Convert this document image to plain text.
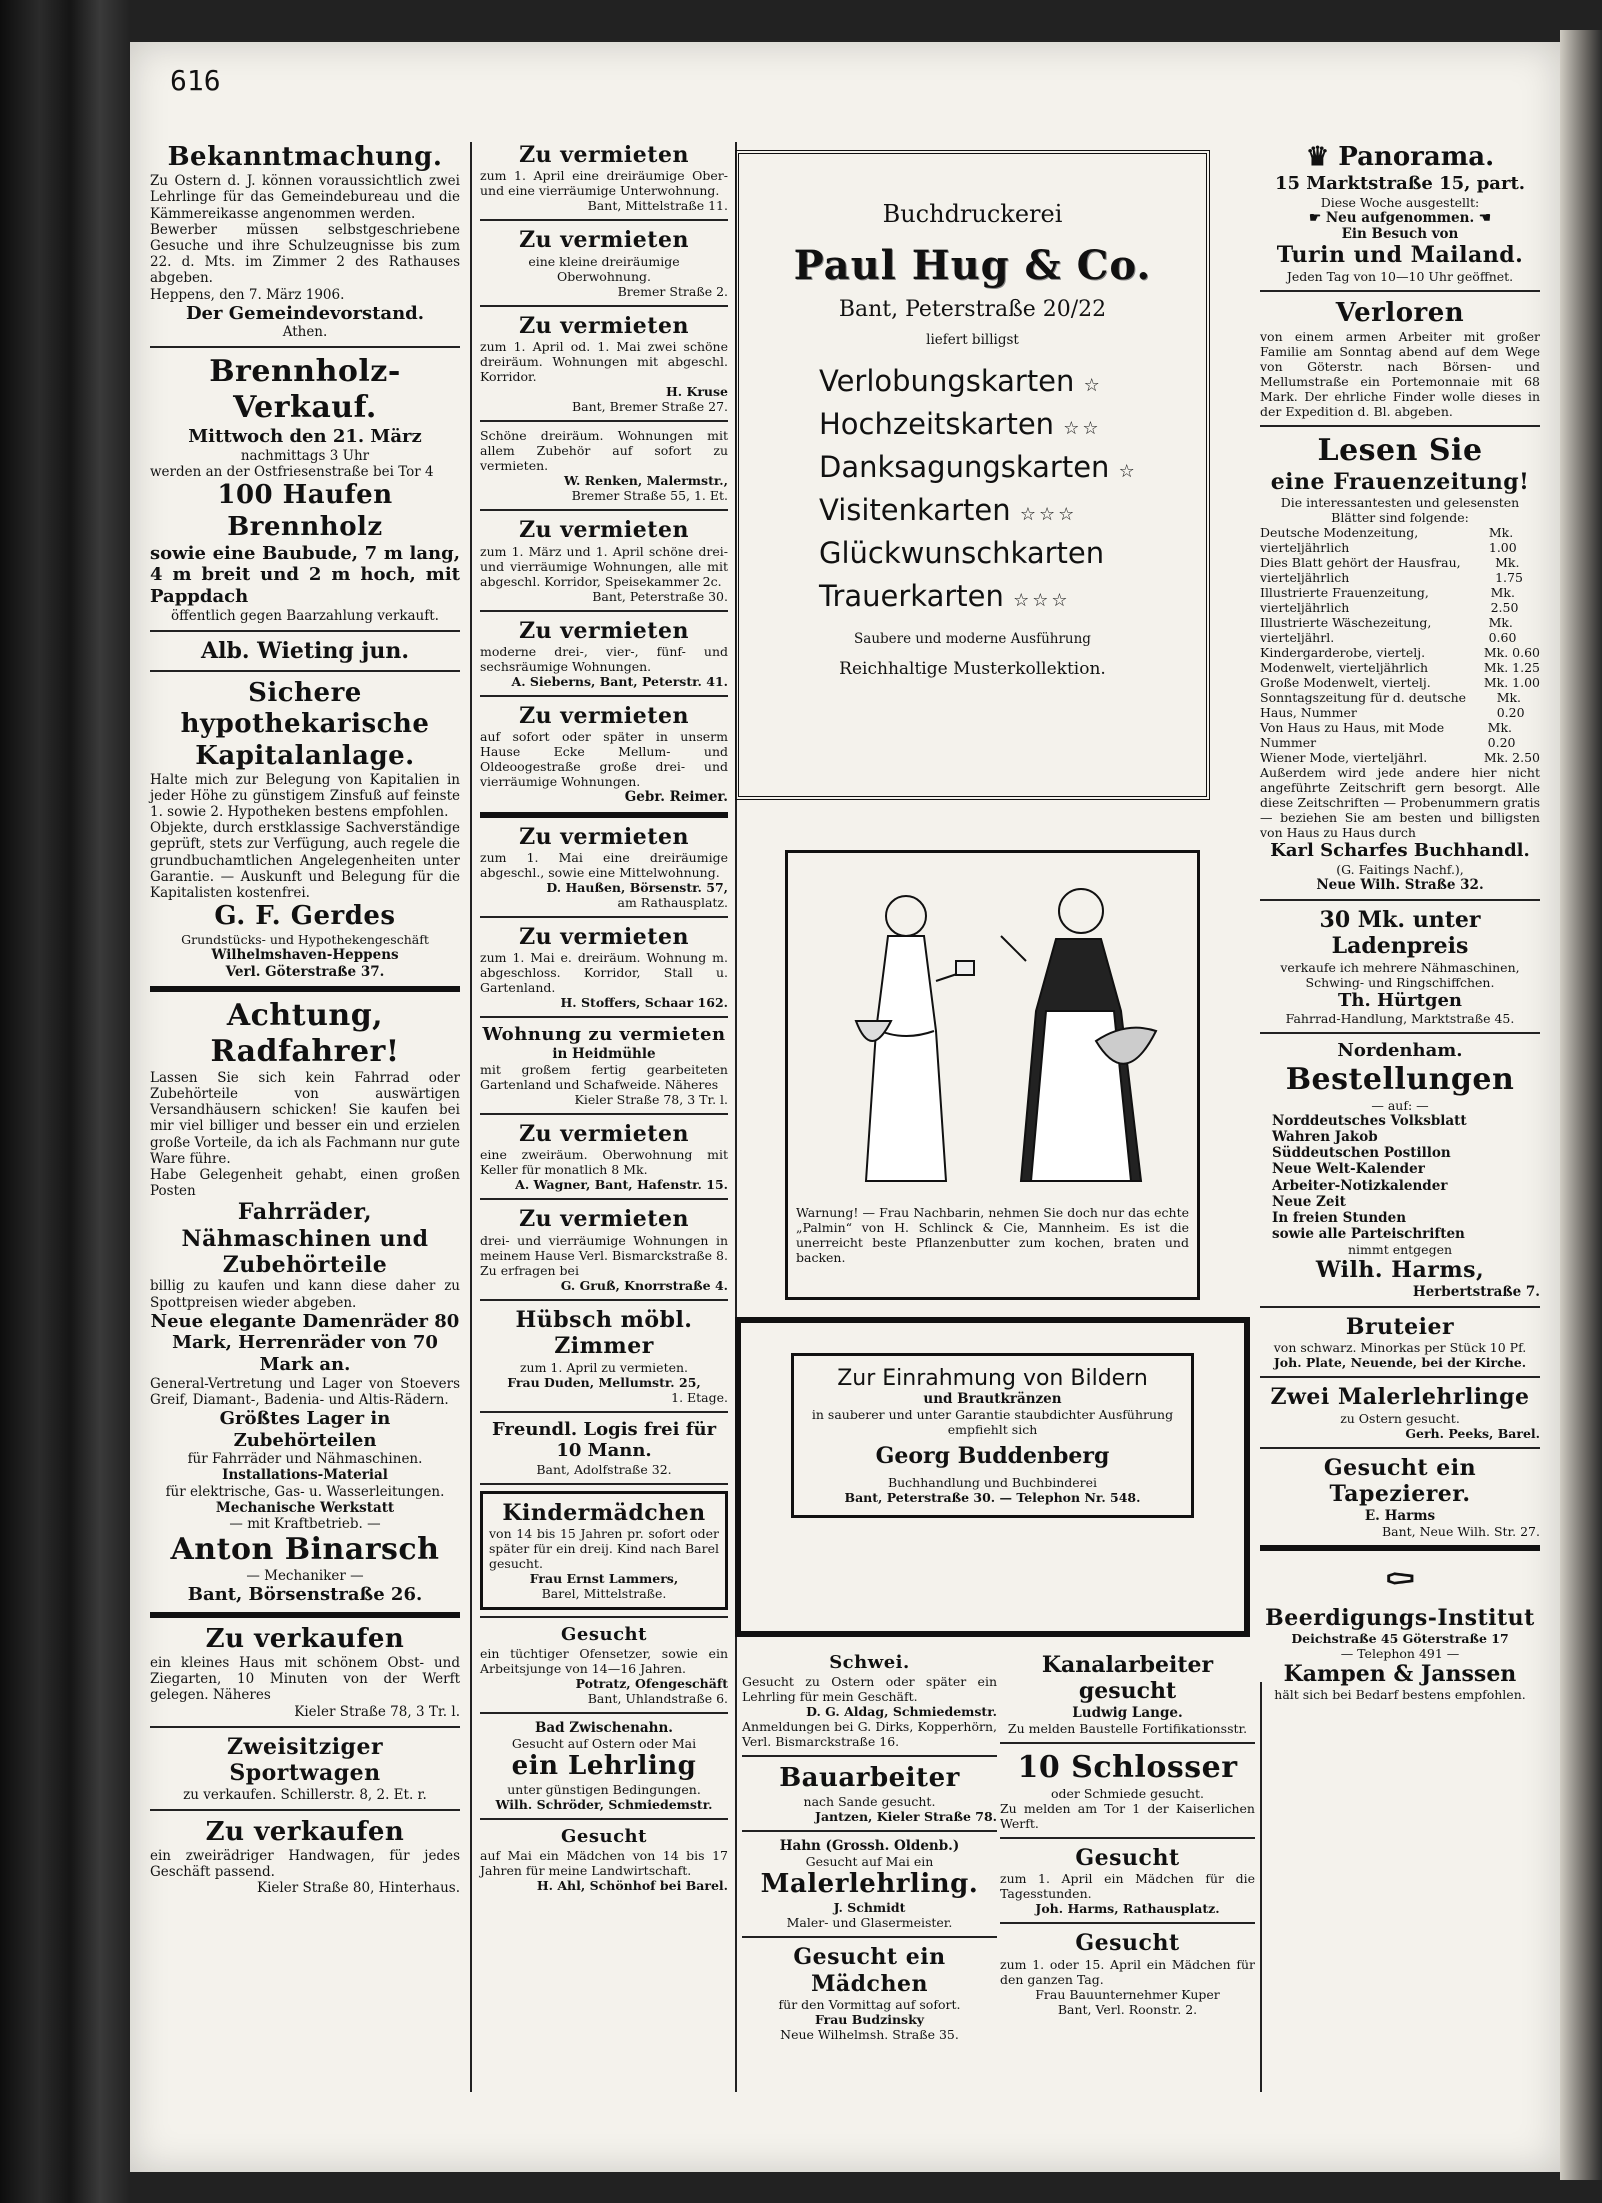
616
Bekanntmachung.
Zu Ostern d. J. können voraussichtlich zwei Lehrlinge für das Gemeindebureau und die Kämmereikasse angenommen werden.
Bewerber müssen selbstgeschriebene Gesuche und ihre Schulzeugnisse bis zum 22. d. Mts. im Zimmer 2 des Rathauses abgeben.
Heppens, den 7. März 1906.
Der Gemeindevorstand.
Athen.
Brennholz-Verkauf.
Mittwoch den 21. März
nachmittags 3 Uhr
werden an der Ostfriesenstraße bei Tor 4
100 Haufen Brennholz
sowie eine Baubude, 7 m lang, 4 m breit und 2 m hoch, mit Pappdach
öffentlich gegen Baarzahlung verkauft.
Alb. Wieting jun.
Sichere hypothekarische Kapitalanlage.
Halte mich zur Belegung von Kapitalien in jeder Höhe zu günstigem Zinsfuß auf feinste 1. sowie 2. Hypotheken bestens empfohlen.
Objekte, durch erstklassige Sachverständige geprüft, stets zur Verfügung, auch regele die grundbuchamtlichen Angelegenheiten unter Garantie. — Auskunft und Belegung für die Kapitalisten kostenfrei.
G. F. Gerdes
Grundstücks- und Hypothekengeschäft
Wilhelmshaven-Heppens
Verl. Göterstraße 37.
Achtung, Radfahrer!
Lassen Sie sich kein Fahrrad oder Zubehörteile von auswärtigen Versandhäusern schicken! Sie kaufen bei mir viel billiger und besser ein und erzielen große Vorteile, da ich als Fachmann nur gute Ware führe.
Habe Gelegenheit gehabt, einen großen Posten
Fahrräder, Nähmaschinen und Zubehörteile
billig zu kaufen und kann diese daher zu Spottpreisen wieder abgeben.
Neue elegante Damenräder 80 Mark, Herrenräder von 70 Mark an.
General-Vertretung und Lager von Stoevers Greif, Diamant-, Badenia- und Altis-Rädern.
Größtes Lager in Zubehörteilen
für Fahrräder und Nähmaschinen.
Installations-Material
für elektrische, Gas- u. Wasserleitungen.
Mechanische Werkstatt
— mit Kraftbetrieb. —
Anton Binarsch
— Mechaniker —
Bant, Börsenstraße 26.
Zu verkaufen
ein kleines Haus mit schönem Obst- und Ziegarten, 10 Minuten von der Werft gelegen. Näheres
Kieler Straße 78, 3 Tr. l.
Zweisitziger Sportwagen
zu verkaufen. Schillerstr. 8, 2. Et. r.
Zu verkaufen
ein zweirädriger Handwagen, für jedes Geschäft passend.
Kieler Straße 80, Hinterhaus.
Zu vermieten
zum 1. April eine dreiräumige Ober- und eine vierräumige Unterwohnung.
Bant, Mittelstraße 11.
Zu vermieten
eine kleine dreiräumige Oberwohnung.
Bremer Straße 2.
Zu vermieten
zum 1. April od. 1. Mai zwei schöne dreiräum. Wohnungen mit abgeschl. Korridor.
H. Kruse
Bant, Bremer Straße 27.
Schöne dreiräum. Wohnungen mit allem Zubehör auf sofort zu vermieten.
W. Renken, Malermstr.,
Bremer Straße 55, 1. Et.
Zu vermieten
zum 1. März und 1. April schöne drei- und vierräumige Wohnungen, alle mit abgeschl. Korridor, Speisekammer 2c.
Bant, Peterstraße 30.
Zu vermieten
moderne drei-, vier-, fünf- und sechsräumige Wohnungen.
A. Sieberns, Bant, Peterstr. 41.
Zu vermieten
auf sofort oder später in unserm Hause Ecke Mellum- und Oldeoogestraße große drei- und vierräumige Wohnungen.
Gebr. Reimer.
Zu vermieten
zum 1. Mai eine dreiräumige abgeschl., sowie eine Mittelwohnung.
D. Haußen, Börsenstr. 57,
am Rathausplatz.
Zu vermieten
zum 1. Mai e. dreiräum. Wohnung m. abgeschloss. Korridor, Stall u. Gartenland.
H. Stoffers, Schaar 162.
Wohnung zu vermieten
in Heidmühle
mit großem fertig gearbeiteten Gartenland und Schafweide. Näheres
Kieler Straße 78, 3 Tr. l.
Zu vermieten
eine zweiräum. Oberwohnung mit Keller für monatlich 8 Mk.
A. Wagner, Bant, Hafenstr. 15.
Zu vermieten
drei- und vierräumige Wohnungen in meinem Hause Verl. Bismarckstraße 8. Zu erfragen bei
G. Gruß, Knorrstraße 4.
Hübsch möbl. Zimmer
zum 1. April zu vermieten.
Frau Duden, Mellumstr. 25,
1. Etage.
Freundl. Logis frei für 10 Mann.
Bant, Adolfstraße 32.
Kindermädchen
von 14 bis 15 Jahren pr. sofort oder später für ein dreij. Kind nach Barel gesucht.
Frau Ernst Lammers,
Barel, Mittelstraße.
Gesucht
ein tüchtiger Ofensetzer, sowie ein Arbeitsjunge von 14—16 Jahren.
Potratz, Ofengeschäft
Bant, Uhlandstraße 6.
Bad Zwischenahn.
Gesucht auf Ostern oder Mai
ein Lehrling
unter günstigen Bedingungen.
Wilh. Schröder, Schmiedemstr.
Gesucht
auf Mai ein Mädchen von 14 bis 17 Jahren für meine Landwirtschaft.
H. Ahl, Schönhof bei Barel.
Buchdruckerei
Paul Hug & Co.
Bant, Peterstraße 20/22
liefert billigst
Verlobungskarten ☆
Hochzeitskarten ☆☆
Danksagungskarten ☆
Visitenkarten ☆☆☆
Glückwunschkarten
Trauerkarten ☆☆☆
Saubere und moderne Ausführung
Reichhaltige Musterkollektion.
Warnung! — Frau Nachbarin, nehmen Sie doch nur das echte „Palmin“ von H. Schlinck & Cie, Mannheim. Es ist die unerreicht beste Pflanzenbutter zum kochen, braten und backen.
Zur Einrahmung von Bildern
und Brautkränzen
in sauberer und unter Garantie staubdichter Ausführung empfiehlt sich
Georg Buddenberg
Buchhandlung und Buchbinderei
Bant, Peterstraße 30. — Telephon Nr. 548.
Schwei.
Gesucht zu Ostern oder später ein Lehrling für mein Geschäft.
D. G. Aldag, Schmiedemstr.
Anmeldungen bei G. Dirks, Kopperhörn, Verl. Bismarckstraße 16.
Bauarbeiter
nach Sande gesucht.
Jantzen, Kieler Straße 78.
Hahn (Grossh. Oldenb.)
Gesucht auf Mai ein
Malerlehrling.
J. Schmidt
Maler- und Glasermeister.
Gesucht ein Mädchen
für den Vormittag auf sofort.
Frau Budzinsky
Neue Wilhelmsh. Straße 35.
Kanalarbeiter gesucht
Ludwig Lange.
Zu melden Baustelle Fortifikationsstr.
10 Schlosser
oder Schmiede gesucht.
Zu melden am Tor 1 der Kaiserlichen Werft.
Gesucht
zum 1. April ein Mädchen für die Tagesstunden.
Joh. Harms, Rathausplatz.
Gesucht
zum 1. oder 15. April ein Mädchen für den ganzen Tag.
Frau Bauunternehmer Kuper
Bant, Verl. Roonstr. 2.
♛ Panorama.
15 Marktstraße 15, part.
Diese Woche ausgestellt:
☛ Neu aufgenommen. ☚
Ein Besuch von
Turin und Mailand.
Jeden Tag von 10—10 Uhr geöffnet.
Verloren
von einem armen Arbeiter mit großer Familie am Sonntag abend auf dem Wege von Göterstr. nach Börsen- und Mellumstraße ein Portemonnaie mit 68 Mark. Der ehrliche Finder wolle dieses in der Expedition d. Bl. abgeben.
Lesen Sie
eine Frauenzeitung!
Die interessantesten und gelesensten Blätter sind folgende:
Deutsche Modenzeitung, vierteljährlich
Mk. 1.00
Dies Blatt gehört der Hausfrau, vierteljährlich
Mk. 1.75
Illustrierte Frauenzeitung, vierteljährlich
Mk. 2.50
Illustrierte Wäschezeitung, vierteljährl.
Mk. 0.60
Kindergarderobe, viertelj.	Mk. 0.60
Modenwelt, vierteljährlich	Mk. 1.25
Große Modenwelt, viertelj.	Mk. 1.00
Sonntagszeitung für d. deutsche Haus, Nummer
Mk. 0.20
Von Haus zu Haus, mit Mode Nummer
Mk. 0.20
Wiener Mode, vierteljährl.	Mk. 2.50
Außerdem wird jede andere hier nicht angeführte Zeitschrift gern besorgt. Alle diese Zeitschriften — Probenummern gratis — beziehen Sie am besten und billigsten von Haus zu Haus durch
Karl Scharfes Buchhandl.
(G. Faitings Nachf.),
Neue Wilh. Straße 32.
30 Mk. unter Ladenpreis
verkaufe ich mehrere Nähmaschinen, Schwing- und Ringschiffchen.
Th. Hürtgen
Fahrrad-Handlung, Marktstraße 45.
Nordenham.
Bestellungen
— auf: —
Norddeutsches Volksblatt
Wahren Jakob
Süddeutschen Postillon
Neue Welt-Kalender
Arbeiter-Notizkalender
Neue Zeit
In freien Stunden
sowie alle Parteischriften
nimmt entgegen
Wilh. Harms,
Herbertstraße 7.
Bruteier
von schwarz. Minorkas per Stück 10 Pf.
Joh. Plate, Neuende, bei der Kirche.
Zwei Malerlehrlinge
zu Ostern gesucht.
Gerh. Peeks, Barel.
Gesucht ein Tapezierer.
E. Harms
Bant, Neue Wilh. Str. 27.
⚰
Beerdigungs-Institut
Deichstraße 45 Göterstraße 17
— Telephon 491 —
Kampen & Janssen
hält sich bei Bedarf bestens empfohlen.
